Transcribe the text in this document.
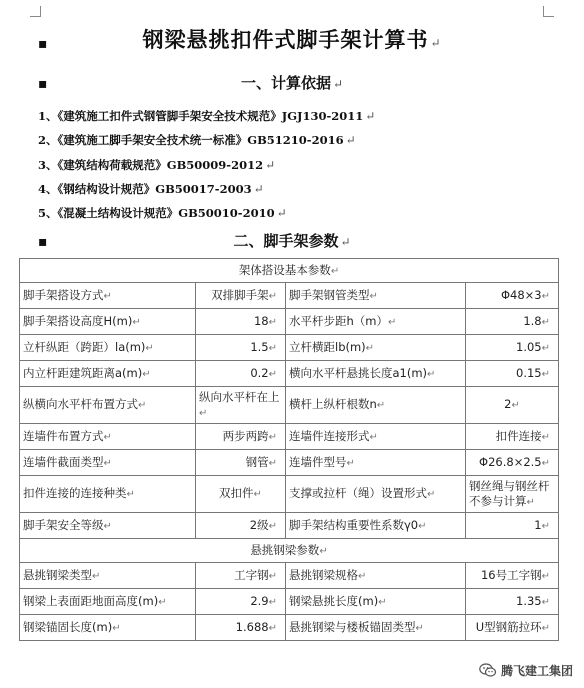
▪	钢梁悬挑扣件式脚手架计算书 ↵
▪	一、计算依据 ↵
1、《建筑施工扣件式钢管脚手架安全技术规范》JGJ130-2011 ↵
2、《建筑施工脚手架安全技术统一标准》GB51210-2016 ↵
3、《建筑结构荷载规范》GB50009-2012 ↵
4、《钢结构设计规范》GB50017-2003 ↵
5、《混凝土结构设计规范》GB50010-2010 ↵
▪	二、脚手架参数 ↵
架体搭设基本参数↵			
脚手架搭设方式↵	双排脚手架↵	脚手架钢管类型↵	Φ48×3↵
脚手架搭设高度H(m)↵	18↵	水平杆步距h（m）↵	1.8↵
立杆纵距（跨距）la(m)↵	1.5↵	立杆横距lb(m)↵	1.05↵
内立杆距建筑距离a(m)↵	0.2↵	横向水平杆悬挑长度a1(m)↵	0.15↵
纵横向水平杆布置方式↵	纵向水平杆在上↵	横杆上纵杆根数n↵	2↵
连墙件布置方式↵	两步两跨↵	连墙件连接形式↵	扣件连接↵
连墙件截面类型↵	钢管↵	连墙件型号↵	Φ26.8×2.5↵
扣件连接的连接种类↵	双扣件↵	支撑或拉杆（绳）设置形式↵	钢丝绳与钢丝杆不参与计算↵
脚手架安全等级↵	2级↵	脚手架结构重要性系数γ0↵	1↵
悬挑钢梁参数↵			
悬挑钢梁类型↵	工字钢↵	悬挑钢梁规格↵	16号工字钢↵
钢梁上表面距地面高度(m)↵	2.9↵	钢梁悬挑长度(m)↵	1.35↵
钢梁锚固长度(m)↵	1.688↵	悬挑钢梁与楼板锚固类型↵	U型钢筋拉环↵
腾飞建工集团
